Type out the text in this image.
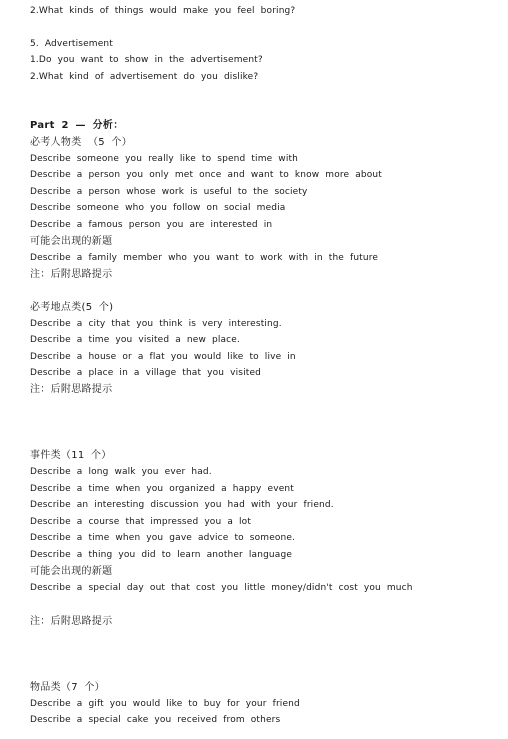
2.What kinds of things would make you feel boring?
5. Advertisement
1.Do you want to show in the advertisement?
2.What kind of advertisement do you dislike?
Part 2 — 分析：
必考人物类 （5 个）
Describe someone you really like to spend time with
Describe a person you only met once and want to know more about
Describe a person whose work is useful to the society
Describe someone who you follow on social media
Describe a famous person you are interested in
可能会出现的新题
Describe a family member who you want to work with in the future
注：后附思路提示
必考地点类(5 个)
Describe a city that you think is very interesting.
Describe a time you visited a new place.
Describe a house or a flat you would like to live in
Describe a place in a village that you visited
注：后附思路提示
事件类（11 个）
Describe a long walk you ever had.
Describe a time when you organized a happy event
Describe an interesting discussion you had with your friend.
Describe a course that impressed you a lot
Describe a time when you gave advice to someone.
Describe a thing you did to learn another language
可能会出现的新题
Describe a special day out that cost you little money/didn't cost you much
注：后附思路提示
物品类（7 个）
Describe a gift you would like to buy for your friend
Describe a special cake you received from others
